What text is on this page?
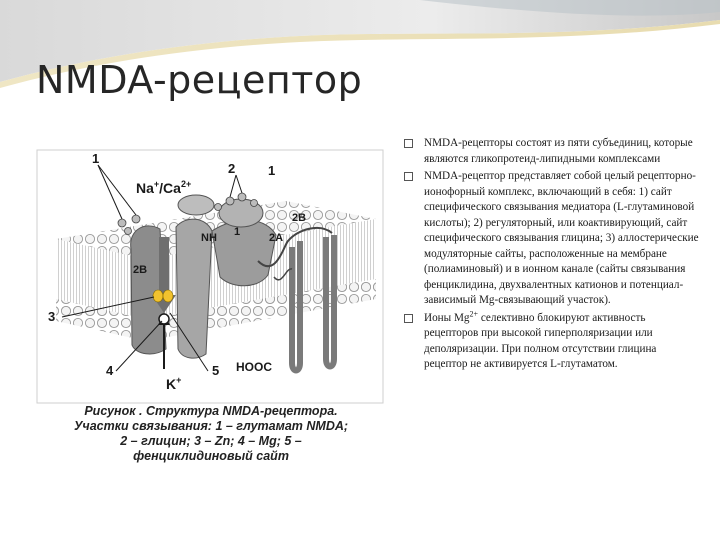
NMDA-рецептор
$Na^+/Ca^{2+}$
K+
NH
HOOC
2A
2B
2B
1
1
2	1
3
4	5
Рисунок . Структура NMDA-рецептора.
Участки связывания: 1 – глутамат NMDA;
2 – глицин; 3 – Zn; 4 – Mg; 5 –
фенциклидиновый сайт
NMDA-рецепторы состоят из пяти субъединиц, которые являются гликопротеид-липидными комплексами
NMDA-рецептор представляет собой целый рецепторно-ионофорный комплекс, включающий в себя: 1) сайт специфического связывания медиатора (L-глутаминовой кислоты); 2) регуляторный, или коактивирующий, сайт специфического связывания глицина; 3) аллостерические модуляторные сайты, расположенные на мембране (полиаминовый) и в ионном канале (сайты связывания фенциклидина, двухвалентных катионов и потенциал-зависимый Mg-связывающий участок).
Ионы $Mg^{2+}$ селективно блокируют активность рецепторов при высокой гиперполяризации или деполяризации. При полном отсутствии глицина рецептор не активируется L-глутаматом.
